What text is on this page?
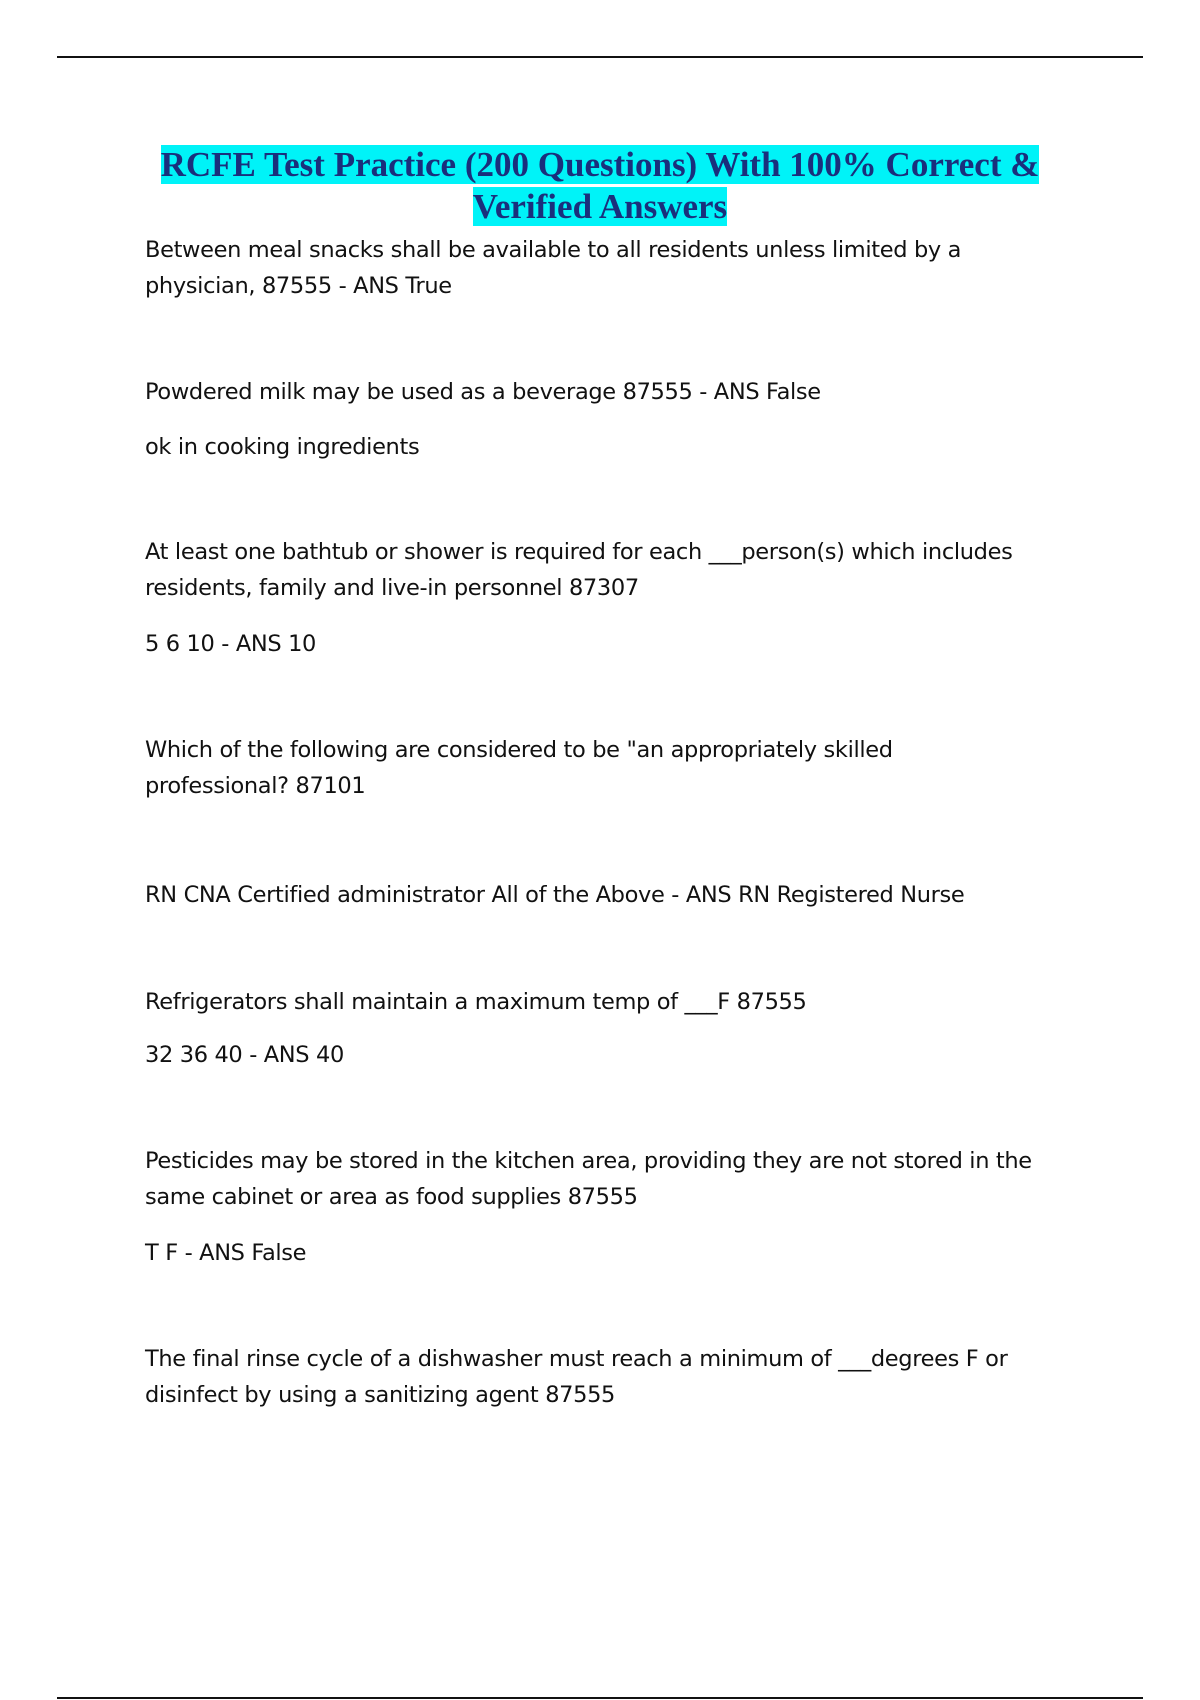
RCFE Test Practice (200 Questions) With 100% Correct &
Verified Answers

Between meal snacks shall be available to all residents unless limited by a
physician, 87555 - ANS True

Powdered milk may be used as a beverage 87555 - ANS False

ok in cooking ingredients

At least one bathtub or shower is required for each ___person(s) which includes
residents, family and live-in personnel 87307

5 6 10 - ANS 10

Which of the following are considered to be "an appropriately skilled
professional? 87101

RN CNA Certified administrator All of the Above - ANS RN Registered Nurse

Refrigerators shall maintain a maximum temp of ___F 87555

32 36 40 - ANS 40

Pesticides may be stored in the kitchen area, providing they are not stored in the
same cabinet or area as food supplies 87555

T F - ANS False

The final rinse cycle of a dishwasher must reach a minimum of ___degrees F or
disinfect by using a sanitizing agent 87555
